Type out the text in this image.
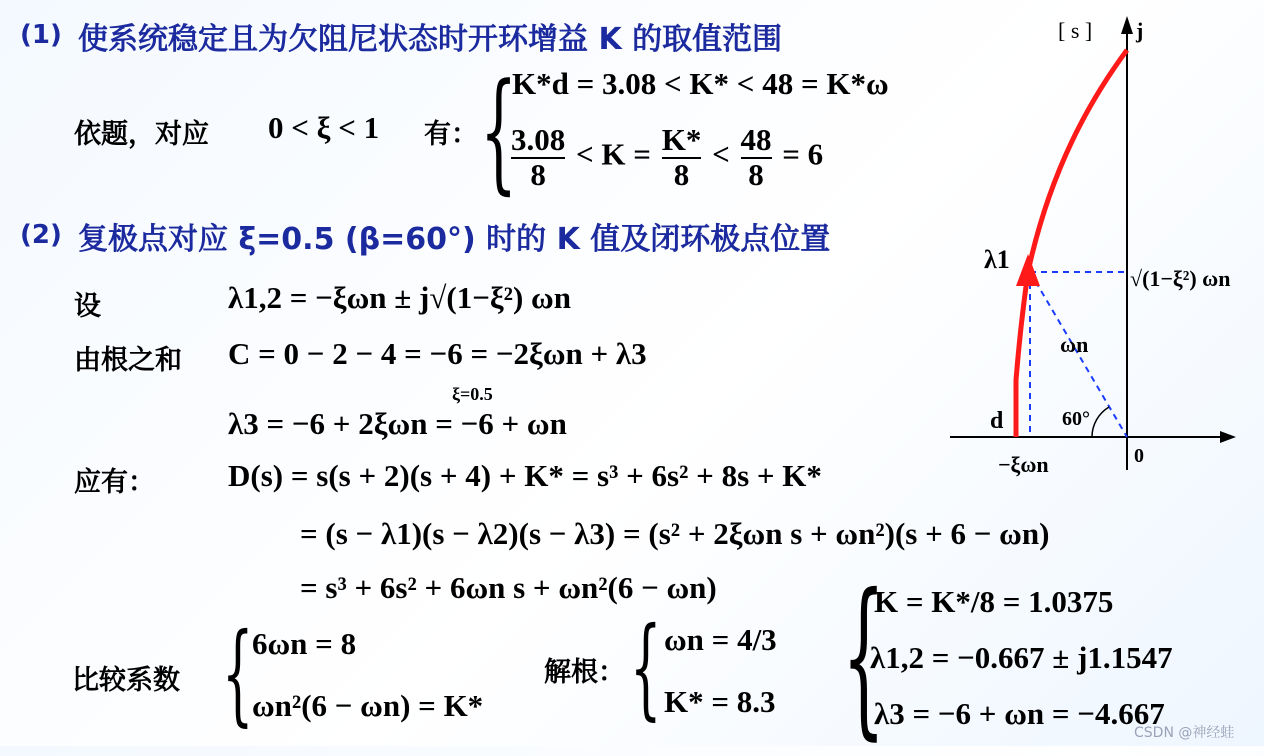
(1) 使系统稳定且为欠阻尼状态时开环增益 K 的取值范围
依题，对应 0 < ξ < 1 有： {
K*d = 3.08 < K* < 48 = K*ω
$\frac{3.08}{8} < K = \frac{K*}{8} < \frac{48}{8} = 6$
(2) 复极点对应 ξ=0.5 (β=60°) 时的 K 值及闭环极点位置
设	λ1,2 = −ξωn ± j√(1−ξ²) ωn
由根之和 C = 0 − 2 − 4 = −6 = −2ξωn + λ3
ξ=0.5
λ3 = −6 + 2ξωn = −6 + ωn
应有： D(s) = s(s + 2)(s + 4) + K* = s³ + 6s² + 8s + K*
= (s − λ1)(s − λ2)(s − λ3) = (s² + 2ξωn s + ωn²)(s + 6 − ωn)
= s³ + 6s² + 6ωn s + ωn²(6 − ωn)
比较系数 {
6ωn = 8
ωn²(6 − ωn) = K*
解根： { ωn = 4/3
K* = 8.3 {
K = K*/8 = 1.0375
λ1,2 = −0.667 ± j1.1547
λ3 = −6 + ωn = −4.667
[ s ] j
λ1
√(1−ξ²) ωn
ωn
60°
d
0
−ξωn
CSDN @神经蛙
